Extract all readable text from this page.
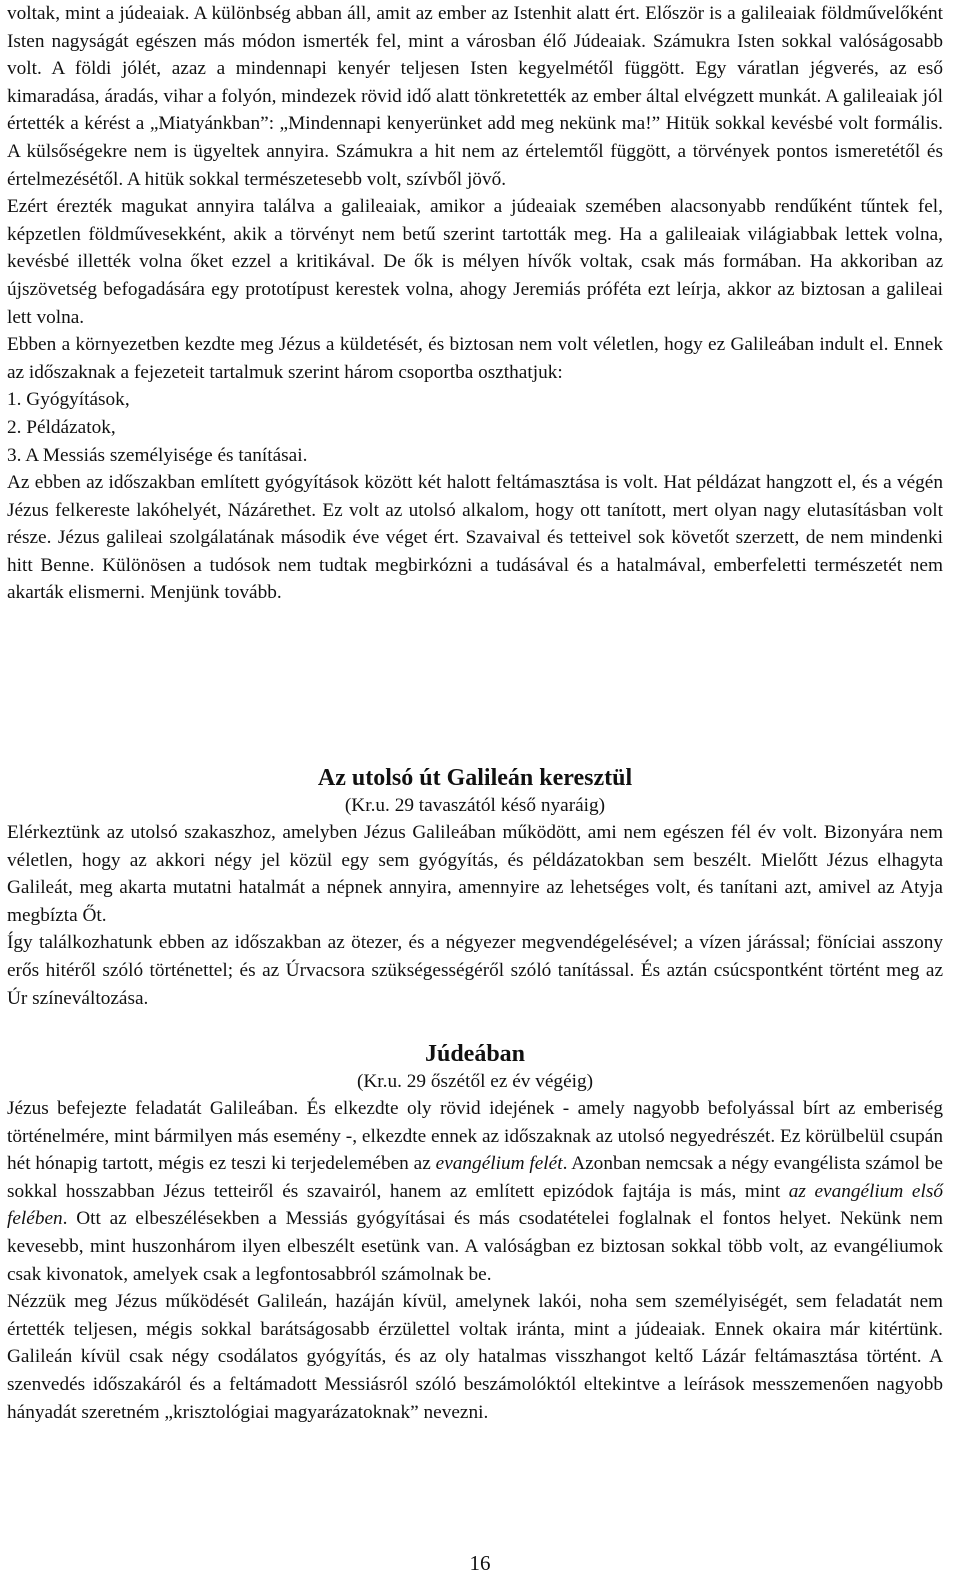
voltak, mint a júdeaiak. A különbség abban áll, amit az ember az Istenhit alatt ért. Először is a galileaiak földművelőként Isten nagyságát egészen más módon ismerték fel, mint a városban élő Júdeaiak. Számukra Isten sokkal valóságosabb volt. A földi jólét, azaz a mindennapi kenyér teljesen Isten kegyelmétől függött. Egy váratlan jégverés, az eső kimaradása, áradás, vihar a folyón, mindezek rövid idő alatt tönkretették az ember által elvégzett munkát. A galileaiak jól értették a kérést a „Miatyánkban”: „Mindennapi kenyerünket add meg nekünk ma!” Hitük sokkal kevésbé volt formális. A külsőségekre nem is ügyeltek annyira. Számukra a hit nem az értelemtől függött, a törvények pontos ismeretétől és értelmezésétől. A hitük sokkal természetesebb volt, szívből jövő.

Ezért érezték magukat annyira találva a galileaiak, amikor a júdeaiak szemében alacsonyabb rendűként tűntek fel, képzetlen földművesekként, akik a törvényt nem betű szerint tartották meg. Ha a galileaiak világiabbak lettek volna, kevésbé illették volna őket ezzel a kritikával. De ők is mélyen hívők voltak, csak más formában. Ha akkoriban az újszövetség befogadására egy prototípust kerestek volna, ahogy Jeremiás próféta ezt leírja, akkor az biztosan a galileai lett volna.

Ebben a környezetben kezdte meg Jézus a küldetését, és biztosan nem volt véletlen, hogy ez Galileában indult el. Ennek az időszaknak a fejezeteit tartalmuk szerint három csoportba oszthatjuk:

1. Gyógyítások,

2. Példázatok,

3. A Messiás személyisége és tanításai.

Az ebben az időszakban említett gyógyítások között két halott feltámasztása is volt. Hat példázat hangzott el, és a végén Jézus felkereste lakóhelyét, Názárethet. Ez volt az utolsó alkalom, hogy ott tanított, mert olyan nagy elutasításban volt része. Jézus galileai szolgálatának második éve véget ért. Szavaival és tetteivel sok követőt szerzett, de nem mindenki hitt Benne. Különösen a tudósok nem tudtak megbirkózni a tudásával és a hatalmával, emberfeletti természetét nem akarták elismerni. Menjünk tovább.

Az utolsó út Galileán keresztül
(Kr.u. 29 tavaszától késő nyaráig)

Elérkeztünk az utolsó szakaszhoz, amelyben Jézus Galileában működött, ami nem egészen fél év volt. Bizonyára nem véletlen, hogy az akkori négy jel közül egy sem gyógyítás, és példázatokban sem beszélt. Mielőtt Jézus elhagyta Galileát, meg akarta mutatni hatalmát a népnek annyira, amennyire az lehetséges volt, és tanítani azt, amivel az Atyja megbízta Őt.

Így találkozhatunk ebben az időszakban az ötezer, és a négyezer megvendégelésével; a vízen járással; föníciai asszony erős hitéről szóló történettel; és az Úrvacsora szükségességéről szóló tanítással. És aztán csúcspontként történt meg az Úr színeváltozása.

Júdeában
(Kr.u. 29 őszétől ez év végéig)

Jézus befejezte feladatát Galileában. És elkezdte oly rövid idejének - amely nagyobb befolyással bírt az emberiség történelmére, mint bármilyen más esemény -, elkezdte ennek az időszaknak az utolsó negyedrészét. Ez körülbelül csupán hét hónapig tartott, mégis ez teszi ki terjedelemében az evangélium felét. Azonban nemcsak a négy evangélista számol be sokkal hosszabban Jézus tetteiről és szavairól, hanem az említett epizódok fajtája is más, mint az evangélium első felében. Ott az elbeszélésekben a Messiás gyógyításai és más csodatételei foglalnak el fontos helyet. Nekünk nem kevesebb, mint huszonhárom ilyen elbeszélt esetünk van. A valóságban ez biztosan sokkal több volt, az evangéliumok csak kivonatok, amelyek csak a legfontosabbról számolnak be.

Nézzük meg Jézus működését Galileán, hazáján kívül, amelynek lakói, noha sem személyiségét, sem feladatát nem értették teljesen, mégis sokkal barátságosabb érzülettel voltak iránta, mint a júdeaiak. Ennek okaira már kitértünk. Galileán kívül csak négy csodálatos gyógyítás, és az oly hatalmas visszhangot keltő Lázár feltámasztása történt. A szenvedés időszakáról és a feltámadott Messiásról szóló beszámolóktól eltekintve a leírások messzemenően nagyobb hányadát szeretném „krisztológiai magyarázatoknak” nevezni.

16
